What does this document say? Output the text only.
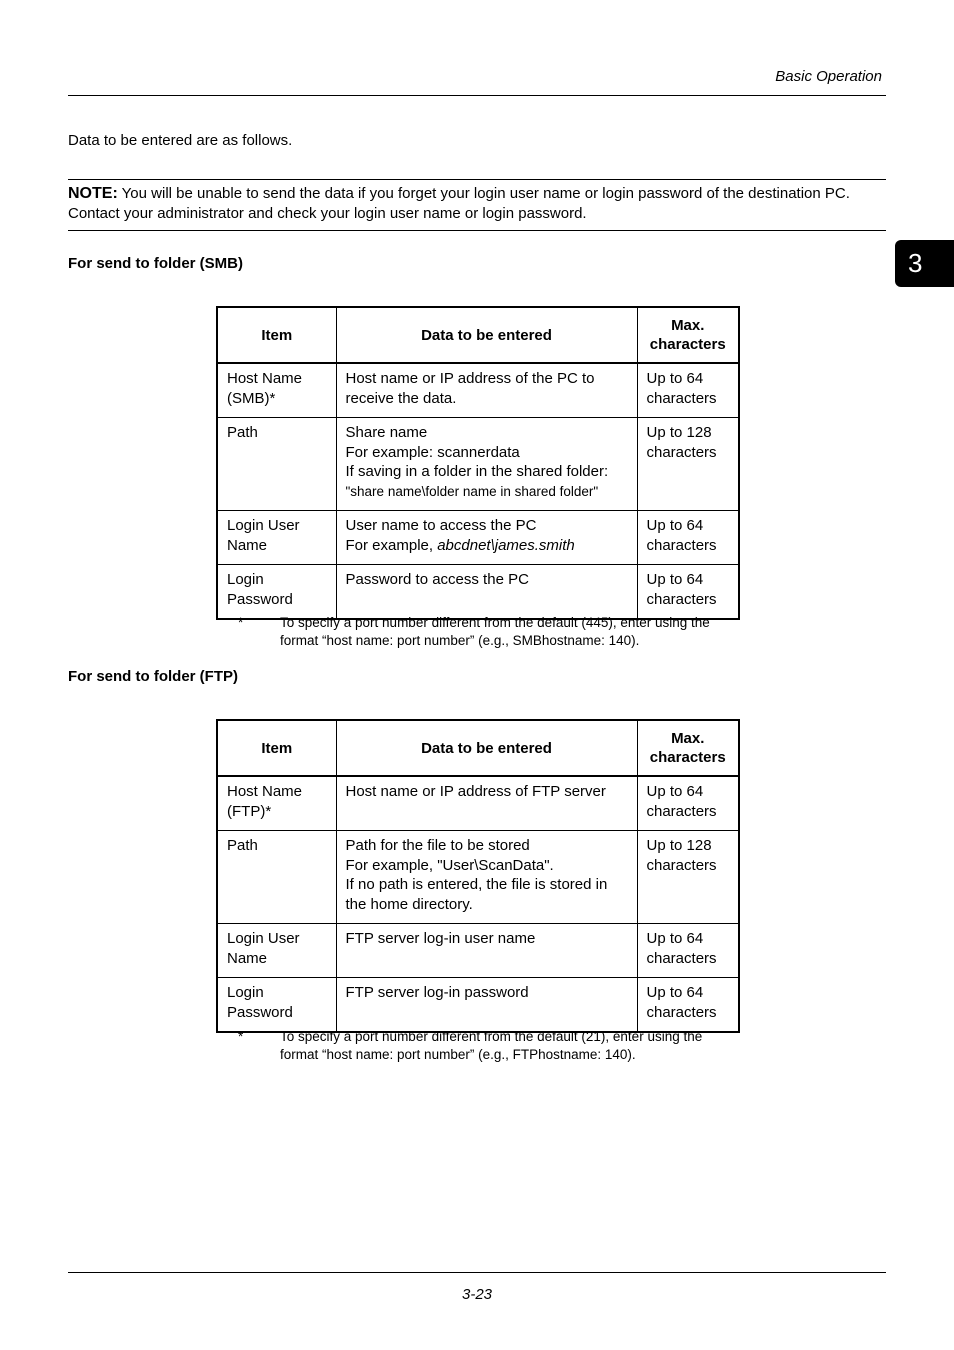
Basic Operation
3
Data to be entered are as follows.
NOTE: You will be unable to send the data if you forget your login user name or login password of the destination PC. Contact your administrator and check your login user name or login password.
For send to folder (SMB)
Item	Data to be entered	Max. characters

Host Name
(SMB)*	Host name or IP address of the PC to receive the data.	Up to 64
characters

Path	Share name
For example: scannerdata
If saving in a folder in the shared folder:
"share name\folder name in shared folder"	Up to 128
characters

Login User
Name	User name to access the PC
For example, abcdnet\james.smith	Up to 64
characters

Login
Password	Password to access the PC	Up to 64
characters
*	To specify a port number different from the default (445), enter using the format “host name: port number” (e.g., SMBhostname: 140).
For send to folder (FTP)
Item	Data to be entered	Max. characters

Host Name
(FTP)*	Host name or IP address of FTP server	Up to 64
characters

Path	Path for the file to be stored
For example, "User\ScanData".
If no path is entered, the file is stored in the home directory.	Up to 128
characters

Login User
Name	FTP server log-in user name	Up to 64
characters

Login
Password	FTP server log-in password	Up to 64
characters
*	To specify a port number different from the default (21), enter using the format “host name: port number” (e.g., FTPhostname: 140).
3-23
